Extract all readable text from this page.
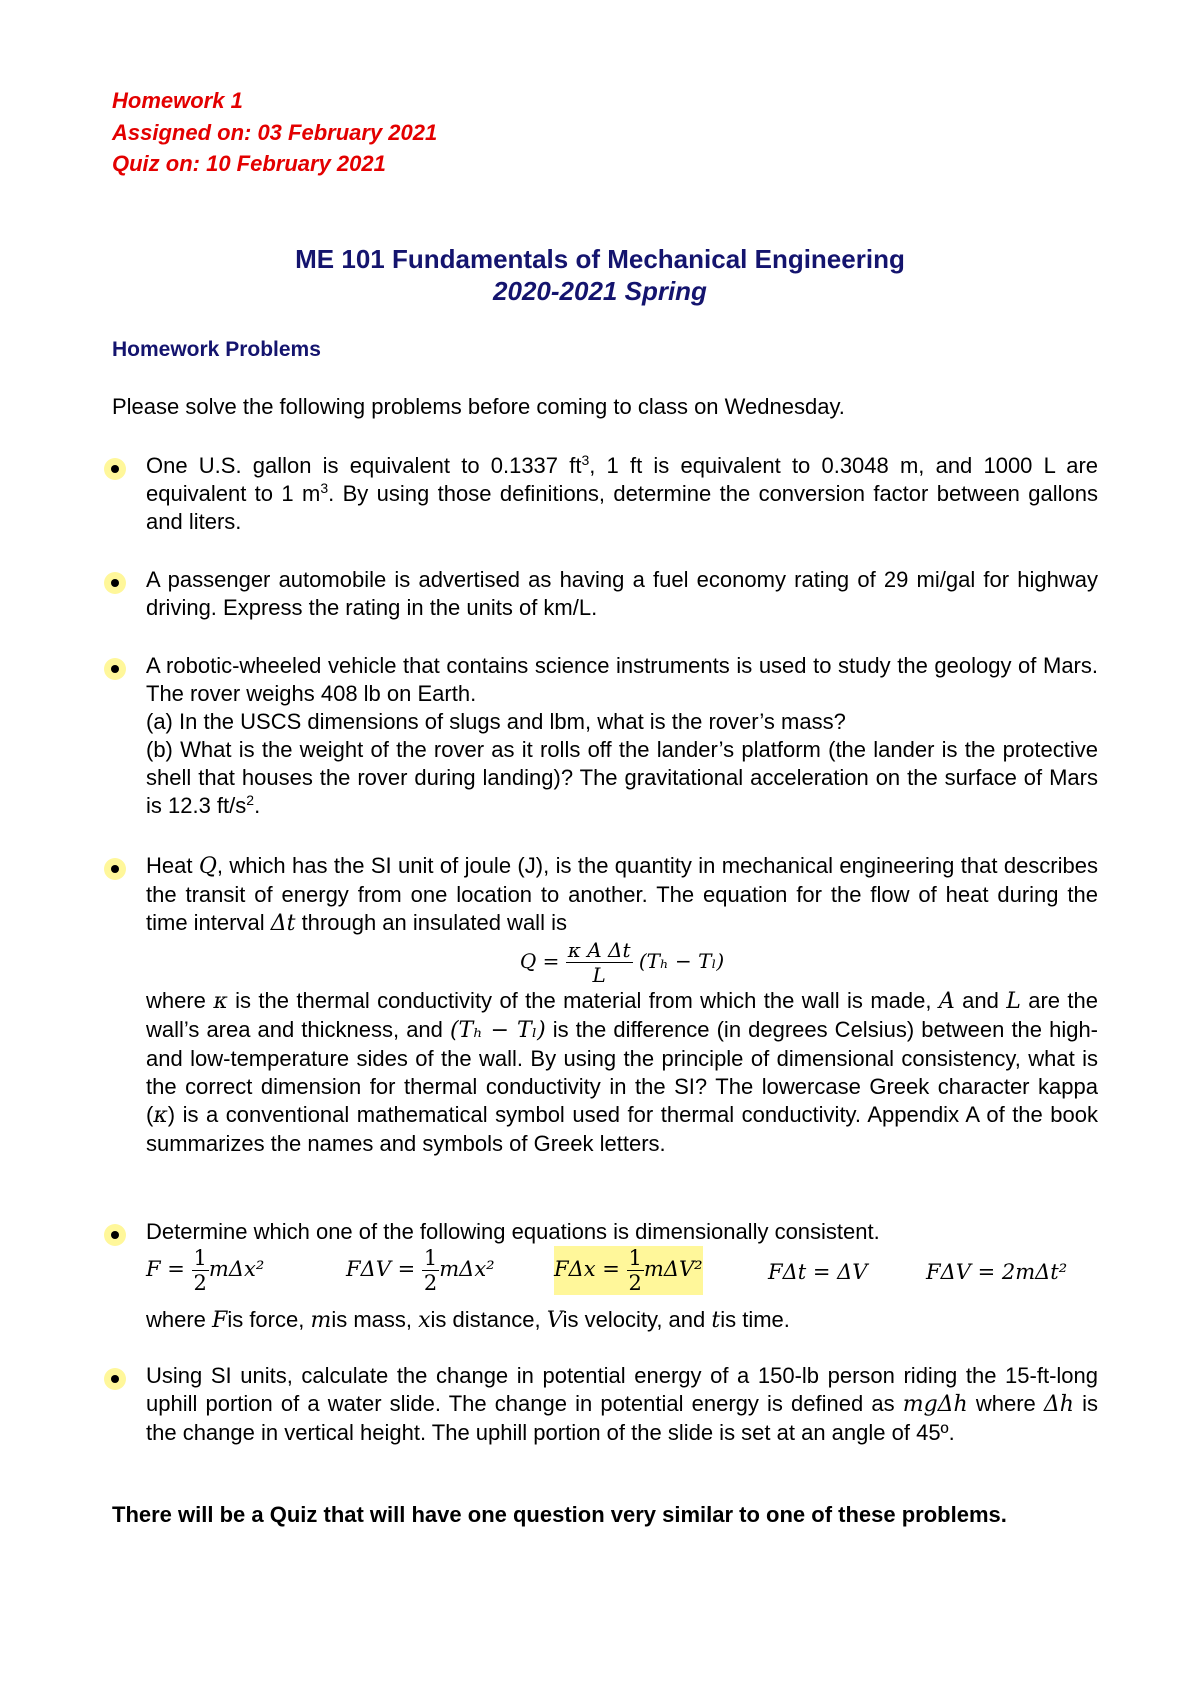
Homework 1
Assigned on: 03 February 2021
Quiz on: 10 February 2021
ME 101 Fundamentals of Mechanical Engineering
2020-2021 Spring
Homework Problems
Please solve the following problems before coming to class on Wednesday.
One U.S. gallon is equivalent to 0.1337 $ft^3$, 1 ft is equivalent to 0.3048 m, and 1000 L are equivalent to 1 $m^3$. By using those definitions, determine the conversion factor between gallons and liters.
A passenger automobile is advertised as having a fuel economy rating of 29 mi/gal for highway driving. Express the rating in the units of km/L.

A robotic-wheeled vehicle that contains science instruments is used to study the geology of Mars. The rover weighs 408 lb on Earth.

(a) In the USCS dimensions of slugs and lbm, what is the rover’s mass?

(b) What is the weight of the rover as it rolls off the lander’s platform (the lander is the protective shell that houses the rover during landing)? The gravitational acceleration on the surface of Mars is 12.3 $ft/s^2$.

Heat Q, which has the SI unit of joule (J), is the quantity in mechanical engineering that describes the transit of energy from one location to another. The equation for the flow of heat during the time interval Δt through an insulated wall is

$Q = \frac{\text{κ A Δt}}{L} (T_h - T_l)$

where κ is the thermal conductivity of the material from which the wall is made, A and L are the wall’s area and thickness, and (Tₕ − Tₗ) is the difference (in degrees Celsius) between the high- and low-temperature sides of the wall. By using the principle of dimensional consistency, what is the correct dimension for thermal conductivity in the SI? The lowercase Greek character kappa (κ) is a conventional mathematical symbol used for thermal conductivity. Appendix A of the book summarizes the names and symbols of Greek letters.

Determine which one of the following equations is dimensionally consistent.
$F = \frac{1}{2} m\Delta x^2$	$F\Delta V = \frac{1}{2} m\Delta x^2$	$F\Delta x = \frac{1}{2} m\Delta V^2$	FΔt = ΔV	FΔV = 2mΔt²
where Fis force, mis mass, xis distance, Vis velocity, and tis time.
Using SI units, calculate the change in potential energy of a 150-lb person riding the 15-ft-long uphill portion of a water slide. The change in potential energy is defined as mgΔh where Δh is the change in vertical height. The uphill portion of the slide is set at an angle of 45º.
There will be a Quiz that will have one question very similar to one of these problems.
